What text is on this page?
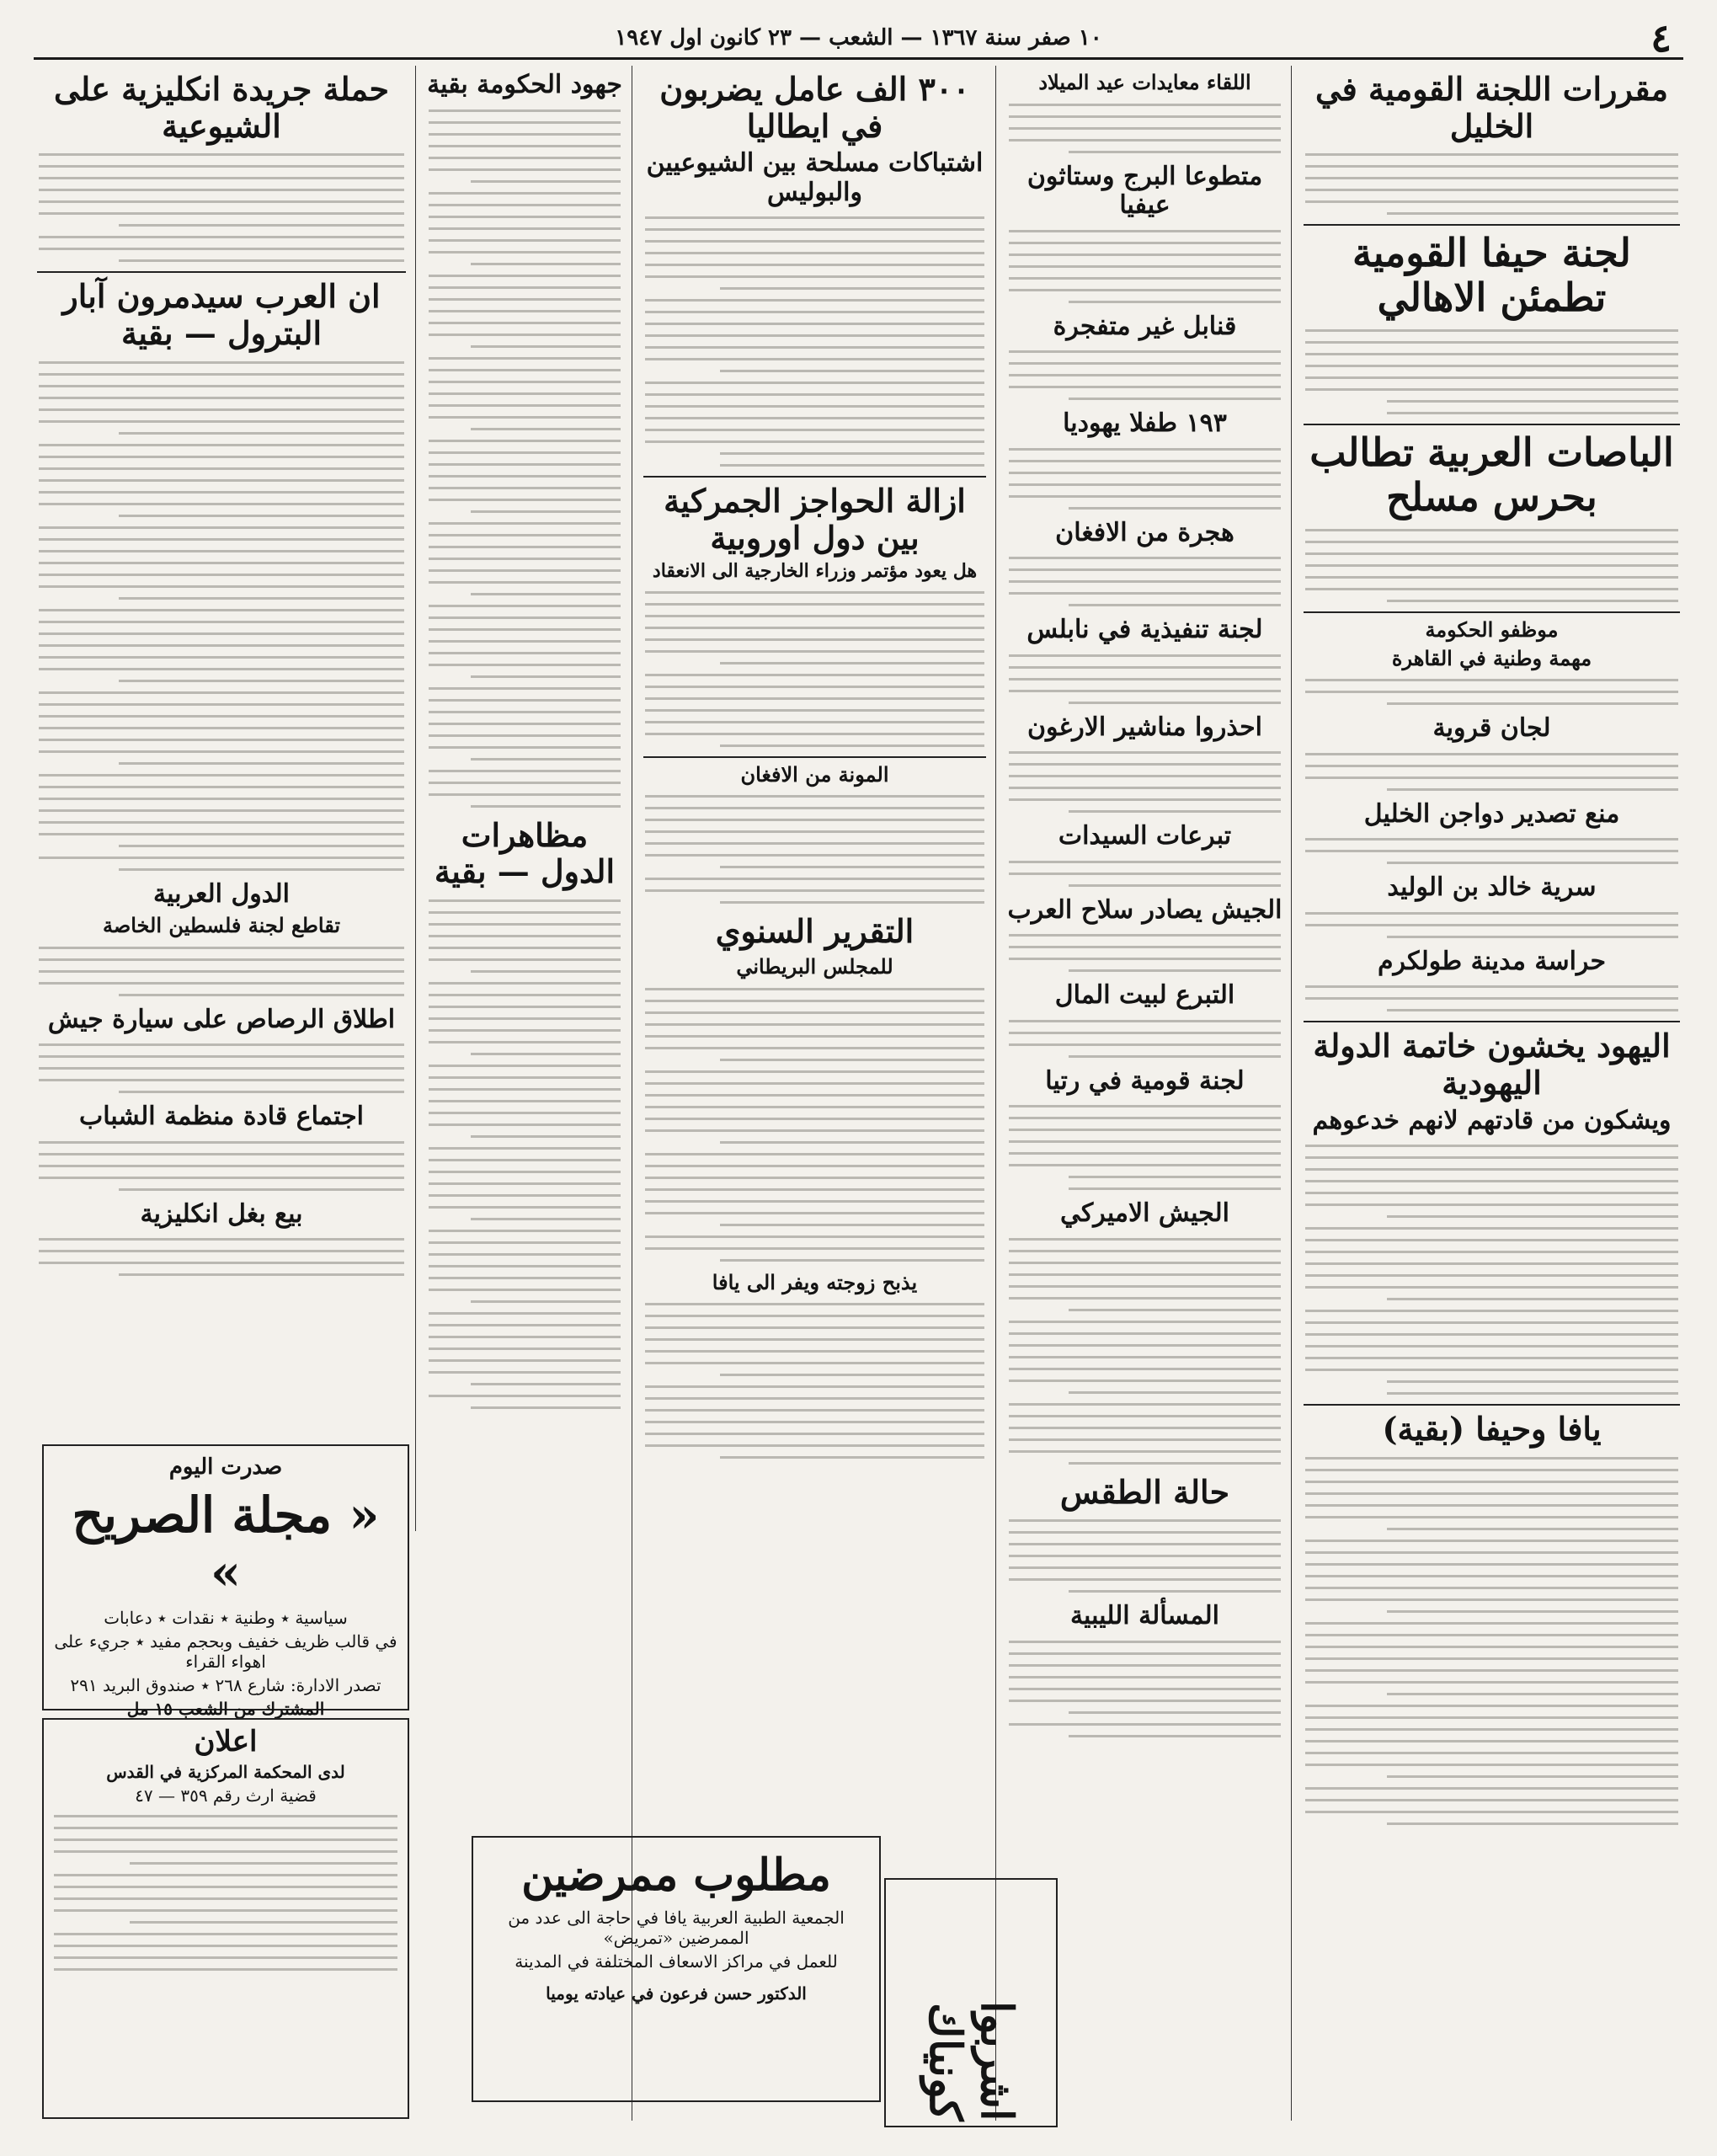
٤
١٠ صفر سنة ١٣٦٧ — الشعب — ٢٣ كانون اول ١٩٤٧
مقررات اللجنة القومية في الخليل
لجنة حيفا القومية تطمئن الاهالي
الباصات العربية تطالب بحرس مسلح
موظفو الحكومة
مهمة وطنية في القاهرة
لجان قروية
منع تصدير دواجن الخليل
سرية خالد بن الوليد
حراسة مدينة طولكرم
اليهود يخشون خاتمة الدولة اليهودية
ويشكون من قادتهم لانهم خدعوهم
يافا وحيفا (بقية)
اللقاء معايدات عيد الميلاد
متطوعا البرج وستاثون عيفيا
قنابل غير متفجرة
١٩٣ طفلا يهوديا
هجرة من الافغان
لجنة تنفيذية في نابلس
احذروا مناشير الارغون
تبرعات السيدات
الجيش يصادر سلاح العرب
التبرع لبيت المال
لجنة قومية في رتيا
الجيش الاميركي
حالة الطقس
المسألة الليبية
٣٠٠ الف عامل يضربون في ايطاليا
اشتباكات مسلحة بين الشيوعيين والبوليس
ازالة الحواجز الجمركية بين دول اوروبية
هل يعود مؤتمر وزراء الخارجية الى الانعقاد
المونة من الافغان
التقرير السنوي
للمجلس البريطاني
يذبح زوجته ويفر الى يافا
جهود الحكومة بقية
مظاهرات الدول — بقية
حملة جريدة انكليزية على الشيوعية
ان العرب سيدمرون آبار البترول — بقية
الدول العربية
تقاطع لجنة فلسطين الخاصة
اطلاق الرصاص على سيارة جيش
اجتماع قادة منظمة الشباب
بيع بغل انكليزية
صدرت اليوم
« مجلة الصريح »
سياسية ٭ وطنية ٭ نقدات ٭ دعابات
في قالب ظريف خفيف وبحجم مفيد ٭ جريء على اهواء القراء
تصدر الادارة: شارع ٢٦٨ ٭ صندوق البريد ٢٩١
المشترك من الشعب ١٥ مل
اعلان
لدى المحكمة المركزية في القدس
قضية ارث رقم ٣٥٩ — ٤٧
مطلوب ممرضين
الجمعية الطبية العربية يافا في حاجة الى عدد من الممرضين «تمريض»
للعمل في مراكز الاسعاف المختلفة في المدينة
الدكتور حسن فرعون في عيادته يوميا
اشربوا كونياك
